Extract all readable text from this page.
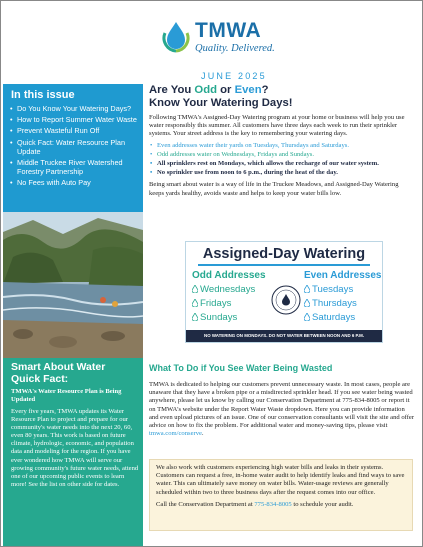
TMWA
Quality. Delivered.
JUNE 2025
In this issue
• Do You Know Your Watering Days?
• How to Report Summer Water Waste
• Prevent Wasteful Run Off
• Quick Fact: Water Resource Plan Update
• Middle Truckee River Watershed Forestry Partnership
• No Fees with Auto Pay
Smart About Water
Quick Fact:
TMWA's Water Resource Plan is Being Updated
Every five years, TMWA updates its Water Resource Plan to project and prepare for our community's water needs into the next 20, 60, even 80 years. This work is based on future climate, hydrologic, economic, and population data and modeling for the region. If you have ever wondered how TMWA will serve our growing community's future water needs, attend one of our upcoming public events to learn more! See the list on other side for dates.
Are You Odd or Even?
Know Your Watering Days!

Following TMWA's Assigned-Day Watering program at your home or business will help you use water responsibly this summer. All customers have three days each week to run their sprinkler systems. Your street address is the key to remembering your watering days.

• Even addresses water their yards on Tuesdays, Thursdays and Saturdays.
• Odd addresses water on Wednesdays, Fridays and Sundays.
• All sprinklers rest on Mondays, which allows the recharge of our water system.
• No sprinkler use from noon to 6 p.m., during the heat of the day.

Being smart about water is a way of life in the Truckee Meadows, and Assigned-Day Watering keeps yards healthy, avoids waste and helps to keep your water bills low.

Assigned-Day Watering
Odd Addresses
Wednesdays
Fridays
Sundays
Even Addresses
Tuesdays
Thursdays
Saturdays
NO WATERING ON MONDAYS. DO NOT WATER BETWEEN NOON AND 6 P.M.
What To Do if You See Water Being Wasted

TMWA is dedicated to helping our customers prevent unnecessary waste. In most cases, people are unaware that they have a broken pipe or a misdirected sprinkler head. If you see water being wasted anywhere, please let us know by calling our Conservation Department at 775-834-8005 or report it on TMWA's website under the Report Water Waste dropdown. Here you can provide information and even upload pictures of an issue. One of our conservation consultants will visit the site and offer advice on how to fix the problem. For additional water and money-saving tips, please visit tmwa.com/conserve.

We also work with customers experiencing high water bills and leaks in their systems. Customers can request a free, in-home water audit to help identify leaks and find ways to save water. This can ultimately save money on water bills. Water-usage reviews are generally scheduled within two to three business days after the request comes into our office.

Call the Conservation Department at 775-834-8005 to schedule your audit.
